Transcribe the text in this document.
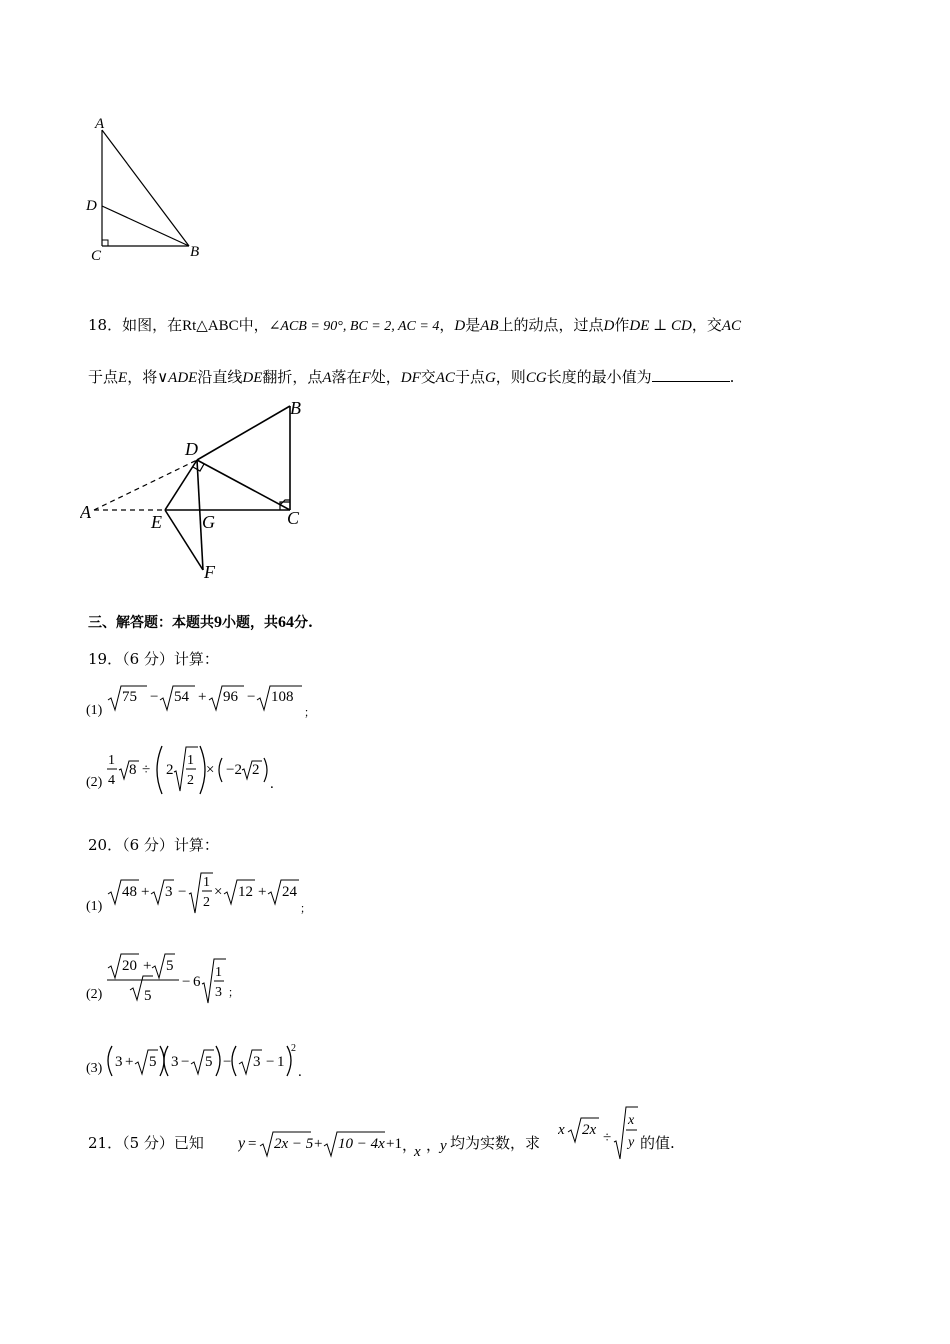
A
D
C	B
18．如图，在Rt△ABC中，∠ACB = 90°, BC = 2, AC = 4，D是AB上的动点，过点D作DE ⊥ CD，交AC
于点E，将∨ADE沿直线DE翻折，点A落在F处，DF交AC于点G，则CG长度的最小值为	.
B
D
A	E G	C
F
三、解答题：本题共9小题，共64分.
19．（6 分）计算：
(1)
75 − 54 + 96 − 108
；
(2)
1
4
8 ÷ 2
1
2
× −2 2
.
20．（6 分）计算：
(1)
48 + 3 −
1
2
× 12 + 24
；
(2)
20 + 5
5
− 6
1
3 ；
(3) 3 + 5 3 − 5 − 3 − 1
2
.
21．（5 分）已知 y = 2x − 5 + 10 − 4x +1 ，
x ，
y 均为实数，求
x 2x ÷
x
y 的值.
